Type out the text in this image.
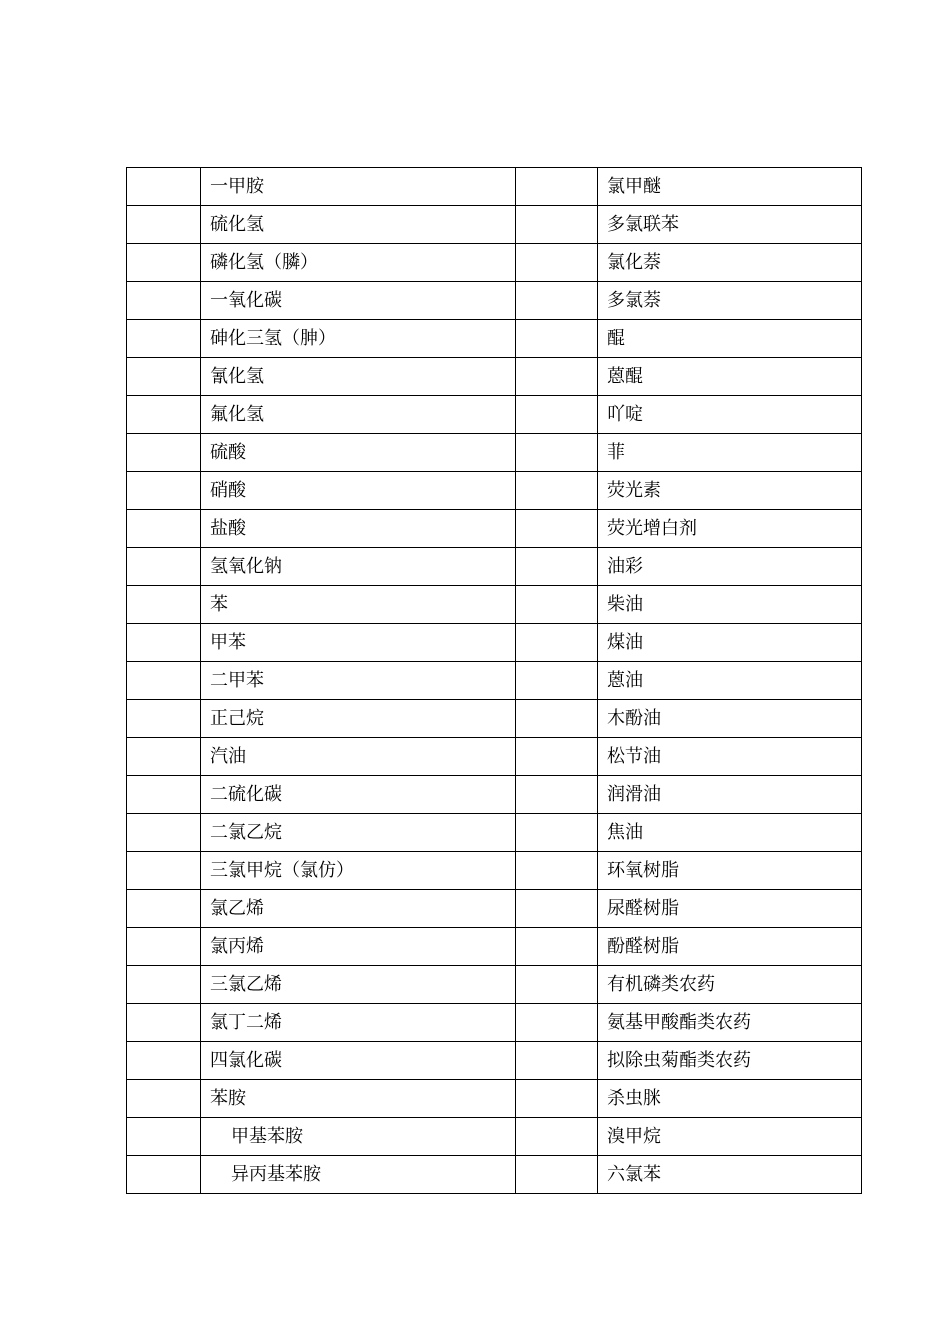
	一甲胺		氯甲醚
	硫化氢		多氯联苯
	磷化氢（膦）		氯化萘
	一氧化碳		多氯萘
	砷化三氢（胂）		醌
	氰化氢		蒽醌
	氟化氢		吖啶
	硫酸		菲
	硝酸		荧光素
	盐酸		荧光增白剂
	氢氧化钠		油彩
	苯		柴油
	甲苯		煤油
	二甲苯		蒽油
	正己烷		木酚油
	汽油		松节油
	二硫化碳		润滑油
	二氯乙烷		焦油
	三氯甲烷（氯仿）		环氧树脂
	氯乙烯		尿醛树脂
	氯丙烯		酚醛树脂
	三氯乙烯		有机磷类农药
	氯丁二烯		氨基甲酸酯类农药
	四氯化碳		拟除虫菊酯类农药
	苯胺		杀虫脒
	甲基苯胺		溴甲烷
	异丙基苯胺		六氯苯
